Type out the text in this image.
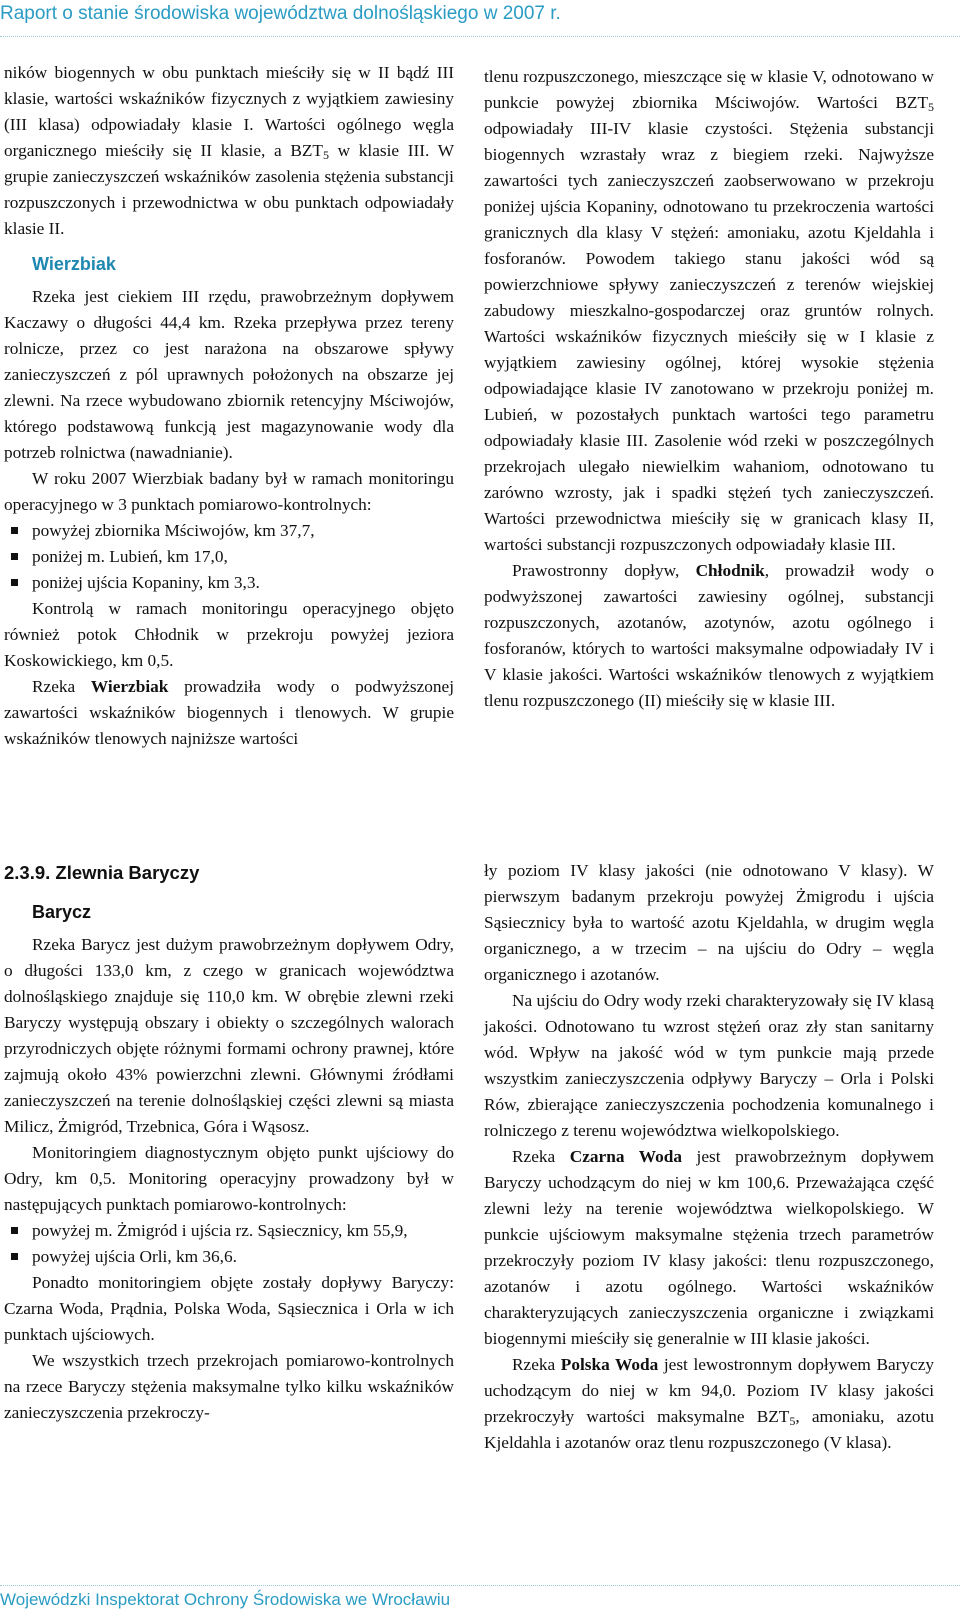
Raport o stanie środowiska województwa dolnośląskiego w 2007 r.

ników biogennych w obu punktach mieściły się w II bądź III klasie, wartości wskaźników fizycznych z wyjątkiem zawiesiny (III klasa) odpowiadały klasie I. Wartości ogólnego węgla organicznego mieściły się II klasie, a $BZT_5$ w klasie III. W grupie zanieczyszczeń wskaźników zasolenia stężenia substancji rozpuszczonych i przewodnictwa w obu punktach odpowiadały klasie II.

Wierzbiak

Rzeka jest ciekiem III rzędu, prawobrzeżnym dopływem Kaczawy o długości 44,4 km. Rzeka przepływa przez tereny rolnicze, przez co jest narażona na obszarowe spływy zanieczyszczeń z pól uprawnych położonych na obszarze jej zlewni. Na rzece wybudowano zbiornik retencyjny Mściwojów, którego podstawową funkcją jest magazynowanie wody dla potrzeb rolnictwa (nawadnianie).

W roku 2007 Wierzbiak badany był w ramach monitoringu operacyjnego w 3 punktach pomiarowo-kontrolnych:

powyżej zbiornika Mściwojów, km 37,7,
poniżej m. Lubień, km 17,0,
poniżej ujścia Kopaniny, km 3,3.

Kontrolą w ramach monitoringu operacyjnego objęto również potok Chłodnik w przekroju powyżej jeziora Koskowickiego, km 0,5.

Rzeka Wierzbiak prowadziła wody o podwyższonej zawartości wskaźników biogennych i tlenowych. W grupie wskaźników tlenowych najniższe wartości

tlenu rozpuszczonego, mieszczące się w klasie V, odnotowano w punkcie powyżej zbiornika Mściwojów. Wartości $BZT_5$ odpowiadały III-IV klasie czystości. Stężenia substancji biogennych wzrastały wraz z biegiem rzeki. Najwyższe zawartości tych zanieczyszczeń zaobserwowano w przekroju poniżej ujścia Kopaniny, odnotowano tu przekroczenia wartości granicznych dla klasy V stężeń: amoniaku, azotu Kjeldahla i fosforanów. Powodem takiego stanu jakości wód są powierzchniowe spływy zanieczyszczeń z terenów wiejskiej zabudowy mieszkalno-gospodarczej oraz gruntów rolnych. Wartości wskaźników fizycznych mieściły się w I klasie z wyjątkiem zawiesiny ogólnej, której wysokie stężenia odpowiadające klasie IV zanotowano w przekroju poniżej m. Lubień, w pozostałych punktach wartości tego parametru odpowiadały klasie III. Zasolenie wód rzeki w poszczególnych przekrojach ulegało niewielkim wahaniom, odnotowano tu zarówno wzrosty, jak i spadki stężeń tych zanieczyszczeń. Wartości przewodnictwa mieściły się w granicach klasy II, wartości substancji rozpuszczonych odpowiadały klasie III.

Prawostronny dopływ, Chłodnik, prowadził wody o podwyższonej zawartości zawiesiny ogólnej, substancji rozpuszczonych, azotanów, azotynów, azotu ogólnego i fosforanów, których to wartości maksymalne odpowiadały IV i V klasie jakości. Wartości wskaźników tlenowych z wyjątkiem tlenu rozpuszczonego (II) mieściły się w klasie III.

2.3.9. Zlewnia Baryczy
Barycz

Rzeka Barycz jest dużym prawobrzeżnym dopływem Odry, o długości 133,0 km, z czego w granicach województwa dolnośląskiego znajduje się 110,0 km. W obrębie zlewni rzeki Baryczy występują obszary i obiekty o szczególnych walorach przyrodniczych objęte różnymi formami ochrony prawnej, które zajmują około 43% powierzchni zlewni. Głównymi źródłami zanieczyszczeń na terenie dolnośląskiej części zlewni są miasta Milicz, Żmigród, Trzebnica, Góra i Wąsosz.

Monitoringiem diagnostycznym objęto punkt ujściowy do Odry, km 0,5. Monitoring operacyjny prowadzony był w następujących punktach pomiarowo-kontrolnych:

powyżej m. Żmigród i ujścia rz. Sąsiecznicy, km 55,9,
powyżej ujścia Orli, km 36,6.

Ponadto monitoringiem objęte zostały dopływy Baryczy: Czarna Woda, Prądnia, Polska Woda, Sąsiecznica i Orla w ich punktach ujściowych.

We wszystkich trzech przekrojach pomiarowo-kontrolnych na rzece Baryczy stężenia maksymalne tylko kilku wskaźników zanieczyszczenia przekroczy-

ły poziom IV klasy jakości (nie odnotowano V klasy). W pierwszym badanym przekroju powyżej Żmigrodu i ujścia Sąsiecznicy była to wartość azotu Kjeldahla, w drugim węgla organicznego, a w trzecim – na ujściu do Odry – węgla organicznego i azotanów.

Na ujściu do Odry wody rzeki charakteryzowały się IV klasą jakości. Odnotowano tu wzrost stężeń oraz zły stan sanitarny wód. Wpływ na jakość wód w tym punkcie mają przede wszystkim zanieczyszczenia odpływy Baryczy – Orla i Polski Rów, zbierające zanieczyszczenia pochodzenia komunalnego i rolniczego z terenu województwa wielkopolskiego.

Rzeka Czarna Woda jest prawobrzeżnym dopływem Baryczy uchodzącym do niej w km 100,6. Przeważająca część zlewni leży na terenie województwa wielkopolskiego. W punkcie ujściowym maksymalne stężenia trzech parametrów przekroczyły poziom IV klasy jakości: tlenu rozpuszczonego, azotanów i azotu ogólnego. Wartości wskaźników charakteryzujących zanieczyszczenia organiczne i związkami biogennymi mieściły się generalnie w III klasie jakości.

Rzeka Polska Woda jest lewostronnym dopływem Baryczy uchodzącym do niej w km 94,0. Poziom IV klasy jakości przekroczyły wartości maksymalne $BZT_5$, amoniaku, azotu Kjeldahla i azotanów oraz tlenu rozpuszczonego (V klasa).

Wojewódzki Inspektorat Ochrony Środowiska we Wrocławiu
